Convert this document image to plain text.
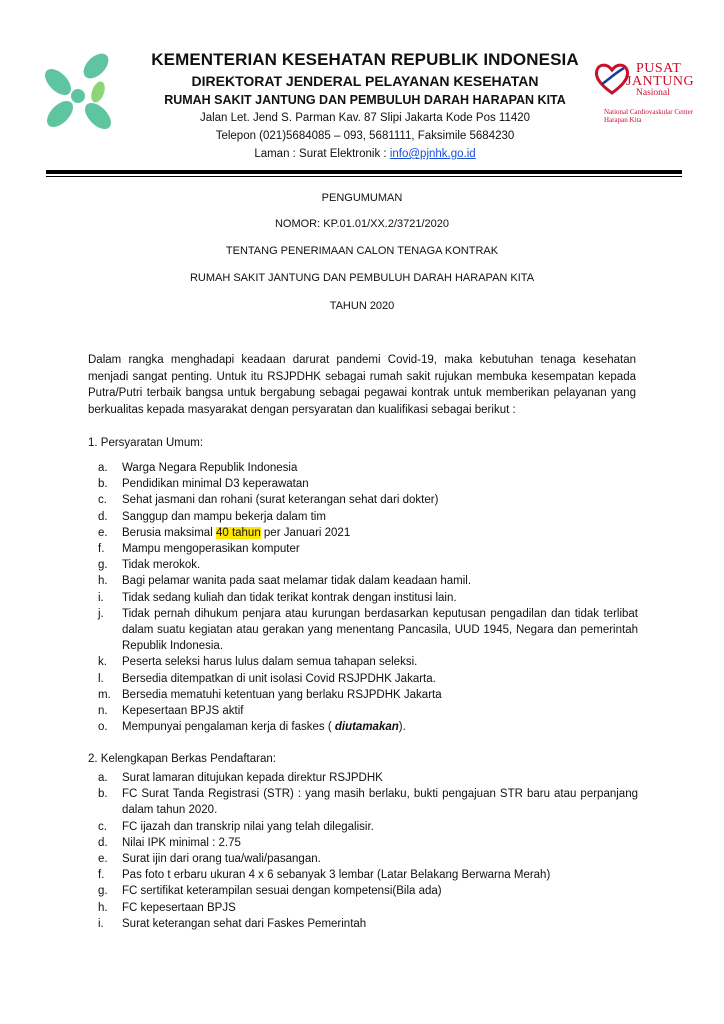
KEMENTERIAN KESEHATAN REPUBLIK INDONESIA
DIREKTORAT JENDERAL PELAYANAN KESEHATAN
RUMAH SAKIT JANTUNG DAN PEMBULUH DARAH HARAPAN KITA
Jalan Let. Jend S. Parman Kav. 87 Slipi Jakarta Kode Pos 11420
Telepon (021)5684085 – 093, 5681111, Faksimile 5684230
Laman : Surat Elektronik : info@pjnhk.go.id
PUSAT
JANTUNG
Nasional
National Cardiovaskular Center
Harapan Kita
PENGUMUMAN
NOMOR: KP.01.01/XX.2/3721/2020
TENTANG PENERIMAAN CALON TENAGA KONTRAK
RUMAH SAKIT JANTUNG DAN PEMBULUH DARAH HARAPAN KITA
TAHUN 2020
Dalam rangka menghadapi keadaan darurat pandemi Covid-19, maka kebutuhan tenaga kesehatan menjadi sangat penting. Untuk itu RSJPDHK sebagai rumah sakit rujukan membuka kesempatan kepada Putra/Putri terbaik bangsa untuk bergabung sebagai pegawai kontrak untuk memberikan pelayanan yang berkualitas kepada masyarakat dengan persyaratan dan kualifikasi sebagai berikut :
1. Persyaratan Umum:
a. Warga Negara Republik Indonesia
b. Pendidikan minimal D3 keperawatan
c. Sehat jasmani dan rohani (surat keterangan sehat dari dokter)
d. Sanggup dan mampu bekerja dalam tim
e. Berusia maksimal 40 tahun per Januari 2021
f. Mampu mengoperasikan komputer
g. Tidak merokok.
h. Bagi pelamar wanita pada saat melamar tidak dalam keadaan hamil.
i. Tidak sedang kuliah dan tidak terikat kontrak dengan institusi lain.
j. Tidak pernah dihukum penjara atau kurungan berdasarkan keputusan pengadilan dan tidak terlibat dalam suatu kegiatan atau gerakan yang menentang Pancasila, UUD 1945, Negara dan pemerintah Republik Indonesia.
k. Peserta seleksi harus lulus dalam semua tahapan seleksi.
l. Bersedia ditempatkan di unit isolasi Covid RSJPDHK Jakarta.
m. Bersedia mematuhi ketentuan yang berlaku RSJPDHK Jakarta
n. Kepesertaan BPJS aktif
o. Mempunyai pengalaman kerja di faskes ( diutamakan).
2. Kelengkapan Berkas Pendaftaran:
a. Surat lamaran ditujukan kepada direktur RSJPDHK
b. FC Surat Tanda Registrasi (STR) : yang masih berlaku, bukti pengajuan STR baru atau perpanjang dalam tahun 2020.
c. FC ijazah dan transkrip nilai yang telah dilegalisir.
d. Nilai IPK minimal : 2.75
e. Surat ijin dari orang tua/wali/pasangan.
f. Pas foto t erbaru ukuran 4 x 6 sebanyak 3 lembar (Latar Belakang Berwarna Merah)
g. FC sertifikat keterampilan sesuai dengan kompetensi(Bila ada)
h. FC kepesertaan BPJS
i. Surat keterangan sehat dari Faskes Pemerintah
